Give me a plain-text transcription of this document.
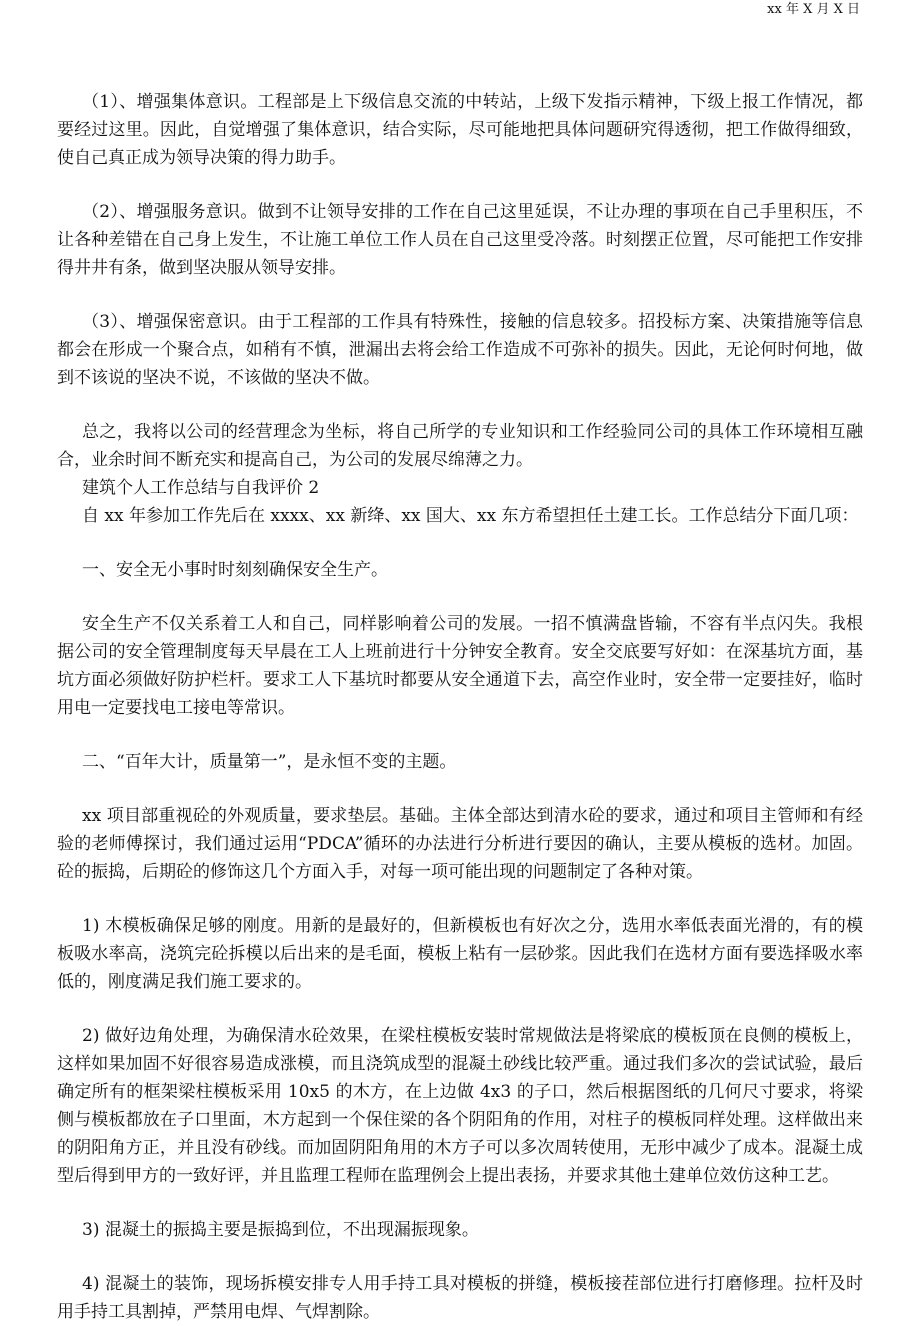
xx 年 X 月 X 日

（1）、增强集体意识。工程部是上下级信息交流的中转站，上级下发指示精神，下级上报工作情况，都要经过这里。因此，自觉增强了集体意识，结合实际，尽可能地把具体问题研究得透彻，把工作做得细致，使自己真正成为领导决策的得力助手。

（2）、增强服务意识。做到不让领导安排的工作在自己这里延误，不让办理的事项在自己手里积压，不让各种差错在自己身上发生，不让施工单位工作人员在自己这里受冷落。时刻摆正位置，尽可能把工作安排得井井有条，做到坚决服从领导安排。

（3）、增强保密意识。由于工程部的工作具有特殊性，接触的信息较多。招投标方案、决策措施等信息都会在形成一个聚合点，如稍有不慎，泄漏出去将会给工作造成不可弥补的损失。因此，无论何时何地，做到不该说的坚决不说，不该做的坚决不做。

总之，我将以公司的经营理念为坐标，将自己所学的专业知识和工作经验同公司的具体工作环境相互融合，业余时间不断充实和提高自己，为公司的发展尽绵薄之力。

建筑个人工作总结与自我评价 2

自 xx 年参加工作先后在 xxxx、xx 新绛、xx 国大、xx 东方希望担任土建工长。工作总结分下面几项：

一、安全无小事时时刻刻确保安全生产。

安全生产不仅关系着工人和自己，同样影响着公司的发展。一招不慎满盘皆输，不容有半点闪失。我根据公司的安全管理制度每天早晨在工人上班前进行十分钟安全教育。安全交底要写好如：在深基坑方面，基坑方面必须做好防护栏杆。要求工人下基坑时都要从安全通道下去，高空作业时，安全带一定要挂好，临时用电一定要找电工接电等常识。

二、“百年大计，质量第一”，是永恒不变的主题。

xx 项目部重视砼的外观质量，要求垫层。基础。主体全部达到清水砼的要求，通过和项目主管师和有经验的老师傅探讨，我们通过运用“PDCA”循环的办法进行分析进行要因的确认，主要从模板的选材。加固。砼的振捣，后期砼的修饰这几个方面入手，对每一项可能出现的问题制定了各种对策。

1) 木模板确保足够的刚度。用新的是最好的，但新模板也有好次之分，选用水率低表面光滑的，有的模板吸水率高，浇筑完砼拆模以后出来的是毛面，模板上粘有一层砂浆。因此我们在选材方面有要选择吸水率低的，刚度满足我们施工要求的。

2) 做好边角处理，为确保清水砼效果，在梁柱模板安装时常规做法是将梁底的模板顶在良侧的模板上，这样如果加固不好很容易造成涨模，而且浇筑成型的混凝土砂线比较严重。通过我们多次的尝试试验，最后确定所有的框架梁柱模板采用 10x5 的木方，在上边做 4x3 的子口，然后根据图纸的几何尺寸要求，将梁侧与模板都放在子口里面，木方起到一个保住梁的各个阴阳角的作用，对柱子的模板同样处理。这样做出来的阴阳角方正，并且没有砂线。而加固阴阳角用的木方子可以多次周转使用，无形中减少了成本。混凝土成型后得到甲方的一致好评，并且监理工程师在监理例会上提出表扬，并要求其他土建单位效仿这种工艺。

3) 混凝土的振捣主要是振捣到位，不出现漏振现象。

4) 混凝土的装饰，现场拆模安排专人用手持工具对模板的拼缝，模板接茬部位进行打磨修理。拉杆及时用手持工具割掉，严禁用电焊、气焊割除。
